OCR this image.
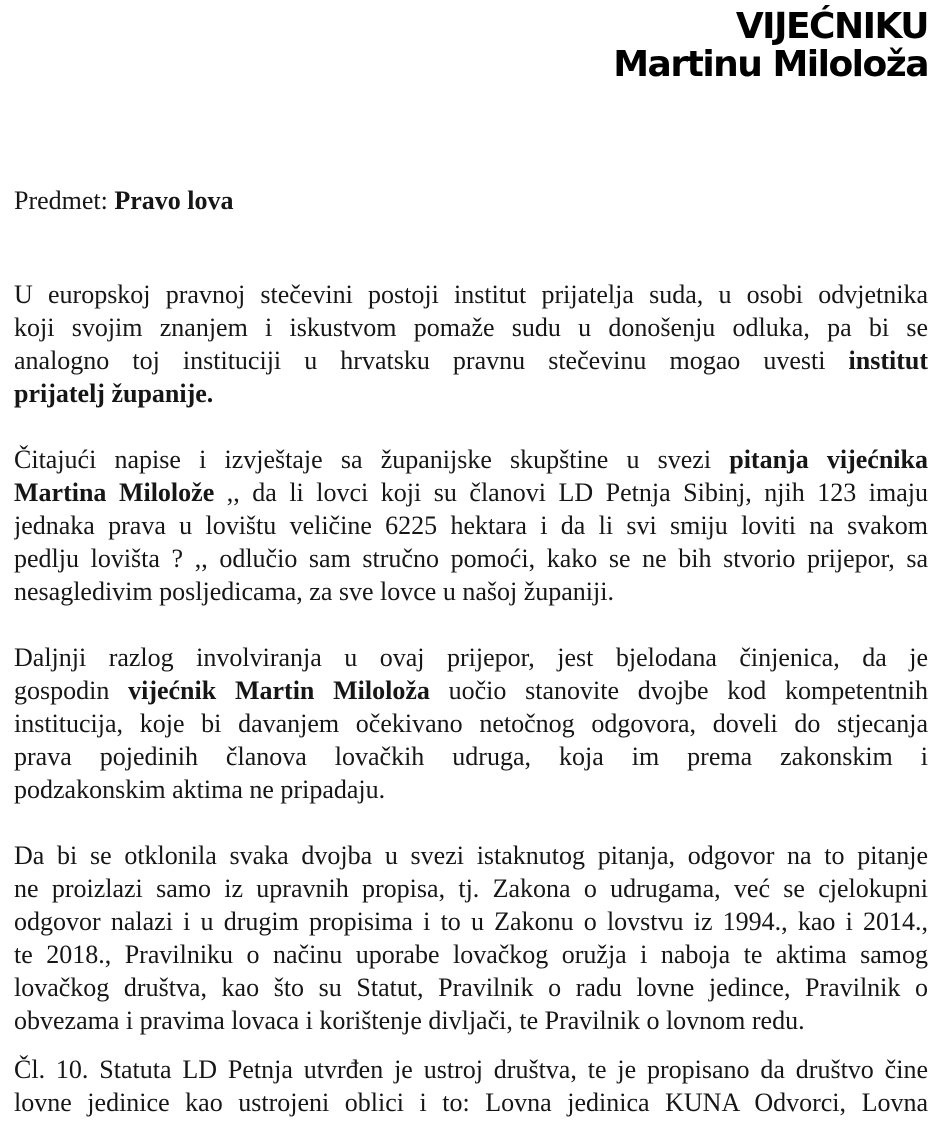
VIJEĆNIKU
Martinu Miloloža
Predmet: Pravo lova
U europskoj pravnoj stečevini postoji institut prijatelja suda, u osobi odvjetnika
koji svojim znanjem i iskustvom pomaže sudu u donošenju odluka, pa bi se
analogno toj instituciji u hrvatsku pravnu stečevinu mogao uvesti institut
prijatelj županije.
Čitajući napise i izvještaje sa županijske skupštine u svezi pitanja vijećnika
Martina Milolože ,, da li lovci koji su članovi LD Petnja Sibinj, njih 123 imaju
jednaka prava u lovištu veličine 6225 hektara i da li svi smiju loviti na svakom
pedlju lovišta ? ,, odlučio sam stručno pomoći, kako se ne bih stvorio prijepor, sa
nesagledivim posljedicama, za sve lovce u našoj županiji.
Daljnji razlog involviranja u ovaj prijepor, jest bjelodana činjenica, da je
gospodin vijećnik Martin Miloloža uočio stanovite dvojbe kod kompetentnih
institucija, koje bi davanjem očekivano netočnog odgovora, doveli do stjecanja
prava pojedinih članova lovačkih udruga, koja im prema zakonskim i
podzakonskim aktima ne pripadaju.
Da bi se otklonila svaka dvojba u svezi istaknutog pitanja, odgovor na to pitanje
ne proizlazi samo iz upravnih propisa, tj. Zakona o udrugama, već se cjelokupni
odgovor nalazi i u drugim propisima i to u Zakonu o lovstvu iz 1994., kao i 2014.,
te 2018., Pravilniku o načinu uporabe lovačkog oružja i naboja te aktima samog
lovačkog društva, kao što su Statut, Pravilnik o radu lovne jedince, Pravilnik o
obvezama i pravima lovaca i korištenje divljači, te Pravilnik o lovnom redu.
Čl. 10. Statuta LD Petnja utvrđen je ustroj društva, te je propisano da društvo čine
lovne jedinice kao ustrojeni oblici i to: Lovna jedinica KUNA Odvorci, Lovna
